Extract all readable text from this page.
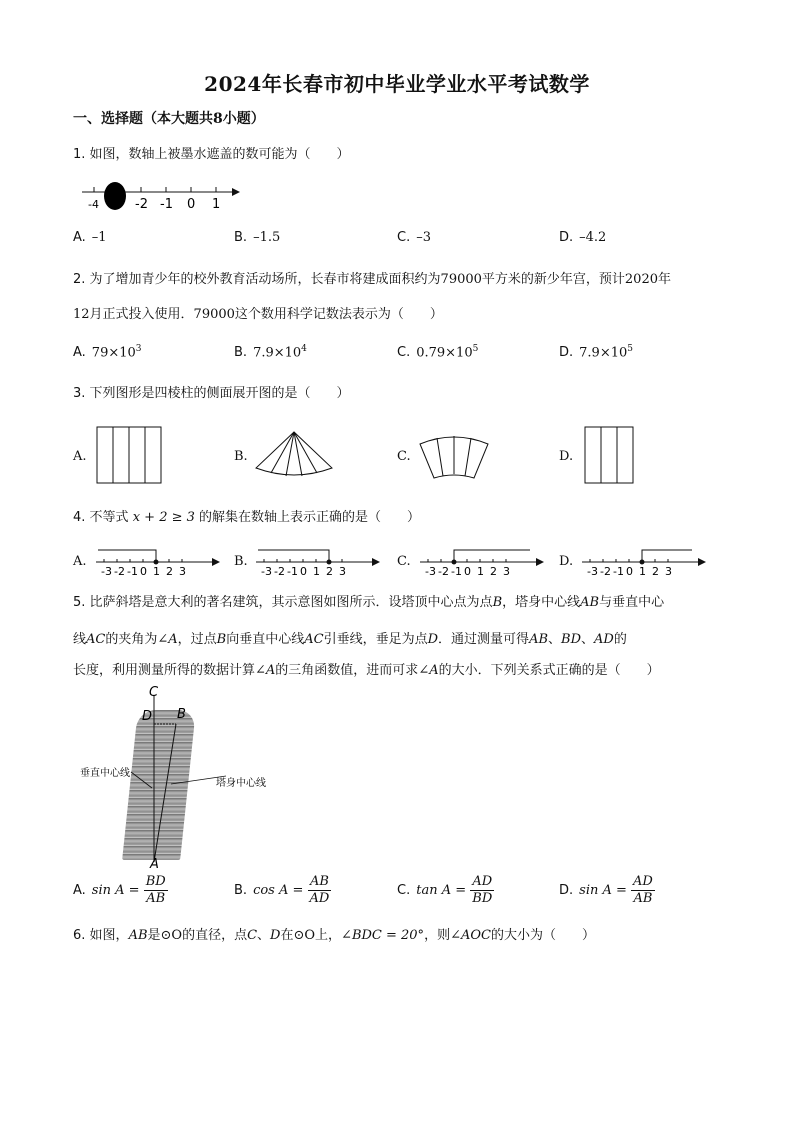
2024年长春市初中毕业学业水平考试数学
一、选择题（本大题共8小题）
1. 如图，数轴上被墨水遮盖的数可能为（　　）
-4	-2 -1 0 1
A. –1	B. –1.5	C. –3	D. –4.2
2. 为了增加青少年的校外教育活动场所，长春市将建成面积约为79000平方米的新少年宫，预计2020年
12月正式投入使用．79000这个数用科学记数法表示为（　　）
A. $79\times 10^3$	B. $7.9\times 10^4$	C. $0.79\times 10^5$	D. $7.9\times 10^5$
3. 下列图形是四棱柱的侧面展开图的是（　　）
A.	B.	C.	D.
4. 不等式 x + 2 ≥ 3 的解集在数轴上表示正确的是（　　）
A.	B.	C.	D.
-3 -2 -1 0 1 2 3	-3 -2 -1 0 1 2 3	-3 -2 -1 0 1 2 3	-3 -2 -1 0 1 2 3
5. 比萨斜塔是意大利的著名建筑，其示意图如图所示．设塔顶中心点为点B，塔身中心线AB与垂直中心
线AC的夹角为∠A，过点B向垂直中心线AC引垂线，垂足为点D．通过测量可得AB、BD、AD的
长度，利用测量所得的数据计算∠A的三角函数值，进而可求∠A的大小．下列关系式正确的是（　　）
C
D B
A
垂直中心线
塔身中心线
A. $\sin A = \frac{BD}{AB}$	B. $\cos A = \frac{AB}{AD}$	C. $\tan A = \frac{AD}{BD}$	D. $\sin A = \frac{AD}{AB}$
6. 如图，AB是⊙O的直径，点C、D在⊙O上，∠BDC = 20°，则∠AOC的大小为（　　）
